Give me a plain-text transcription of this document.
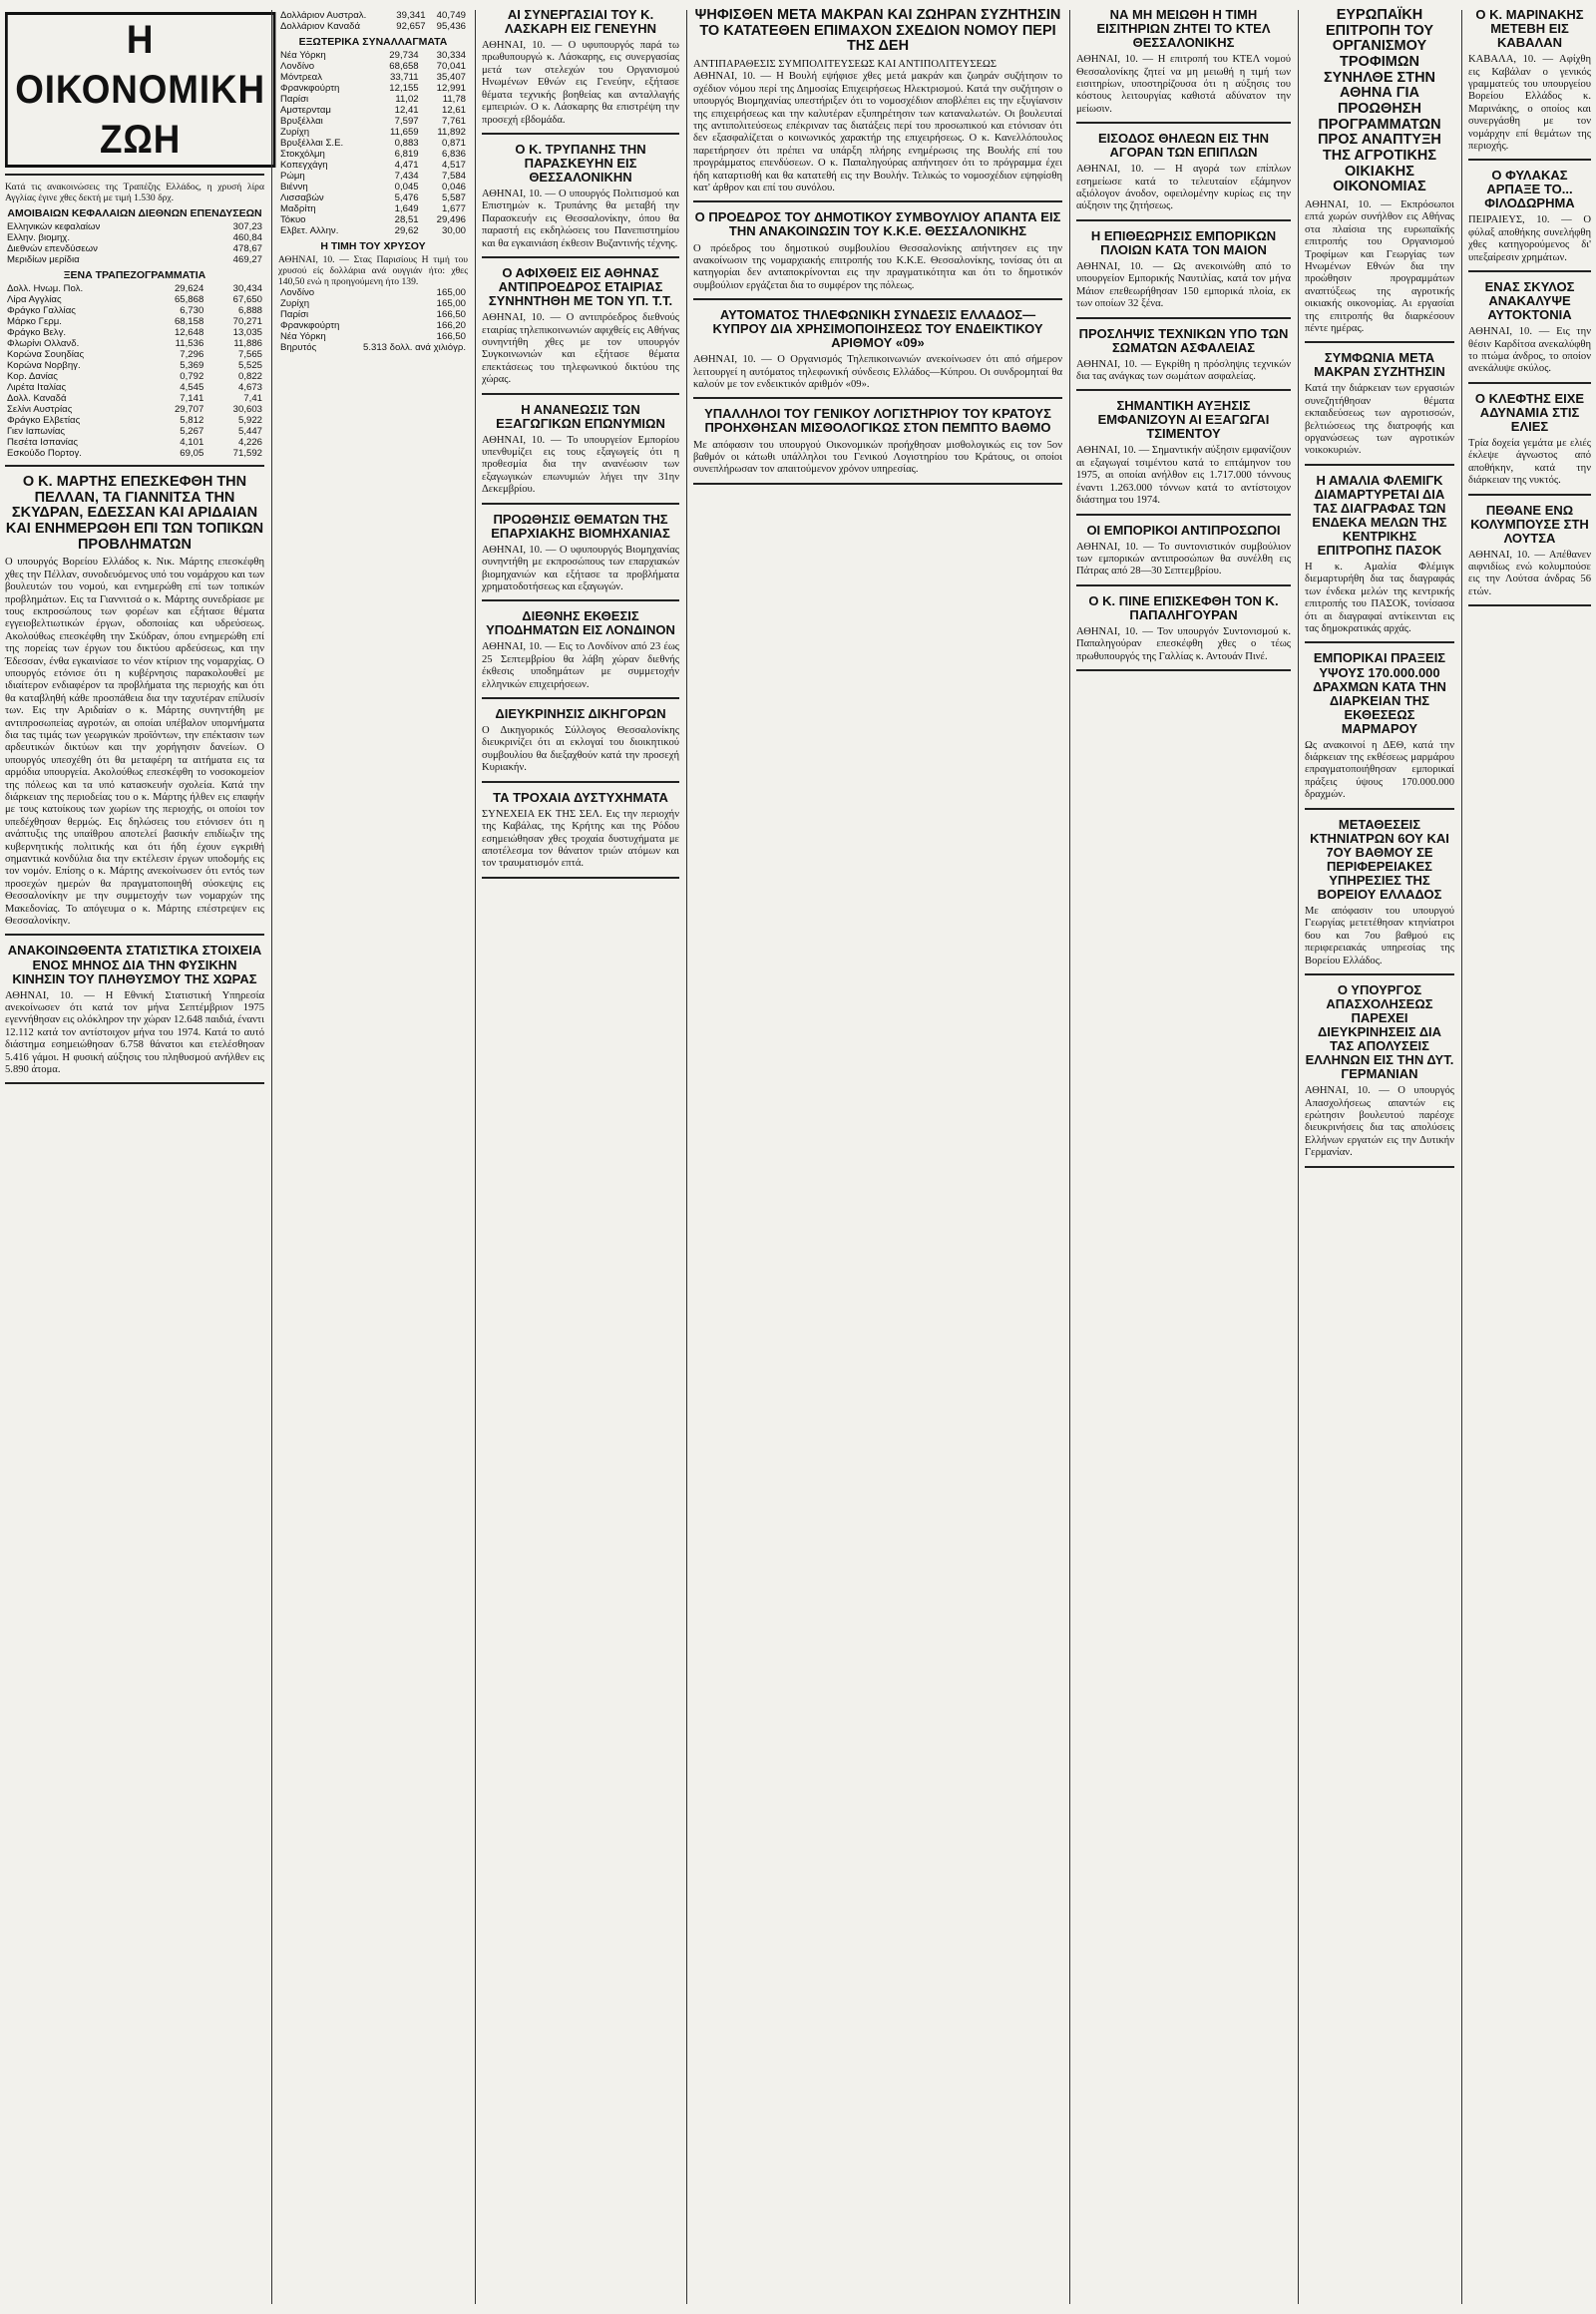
Η ΟΙΚΟΝΟΜΙΚΗ ΖΩΗ

Κατά τις ανακοινώσεις της Τραπέζης Ελλάδος, η χρυσή λίρα Αγγλίας έγινε χθες δεκτή με τιμή 1.530 δρχ.

ΑΜΟΙΒΑΙΩΝ ΚΕΦΑΛΑΙΩΝ ΔΙΕΘΝΩΝ ΕΠΕΝΔΥΣΕΩΝ
Ελληνικών κεφαλαίων	307,23
Ελλην. βιομηχ.	460,84
Διεθνών επενδύσεων	478,67
Μεριδίων μερίδια	469,27
ΞΕΝΑ ΤΡΑΠΕΖΟΓΡΑΜΜΑΤΙΑ
Δολλ. Ηνωμ. Πολ.	29,624	30,434
Λίρα Αγγλίας	65,868	67,650
Φράγκο Γαλλίας	6,730	6,888
Μάρκο Γερμ.	68,158	70,271
Φράγκο Βελγ.	12,648	13,035
Φλωρίνι Ολλανδ.	11,536	11,886
Κορώνα Σουηδίας	7,296	7,565
Κορώνα Νορβηγ.	5,369	5,525
Κορ. Δανίας	0,792	0,822
Λιρέτα Ιταλίας	4,545	4,673
Δολλ. Καναδά	7,141	7,41
Σελίνι Αυστρίας	29,707	30,603
Φράγκο Ελβετίας	5,812	5,922
Γιεν Ιαπωνίας	5,267	5,447
Πεσέτα Ισπανίας	4,101	4,226
Εσκούδο Πορτογ.	69,05	71,592
Ο Κ. ΜΑΡΤΗΣ ΕΠΕΣΚΕΦΘΗ ΤΗΝ ΠΕΛΛΑΝ, ΤΑ ΓΙΑΝΝΙΤΣΑ ΤΗΝ ΣΚΥΔΡΑΝ, ΕΔΕΣΣΑΝ ΚΑΙ ΑΡΙΔΑΙΑΝ ΚΑΙ ΕΝΗΜΕΡΩΘΗ ΕΠΙ ΤΩΝ ΤΟΠΙΚΩΝ ΠΡΟΒΛΗΜΑΤΩΝ

Ο υπουργός Βορείου Ελλάδος κ. Νικ. Μάρτης επεσκέφθη χθες την Πέλλαν, συνοδευόμενος υπό του νομάρχου και των βουλευτών του νομού, και ενημερώθη επί των τοπικών προβλημάτων. Εις τα Γιαννιτσά ο κ. Μάρτης συνεδρίασε με τους εκπροσώπους των φορέων και εξήτασε θέματα εγγειοβελτιωτικών έργων, οδοποιίας και υδρεύσεως. Ακολούθως επεσκέφθη την Σκύδραν, όπου ενημερώθη επί της πορείας των έργων του δικτύου αρδεύσεως, και την Έδεσσαν, ένθα εγκαινίασε το νέον κτίριον της νομαρχίας. Ο υπουργός ετόνισε ότι η κυβέρνησις παρακολουθεί με ιδιαίτερον ενδιαφέρον τα προβλήματα της περιοχής και ότι θα καταβληθή κάθε προσπάθεια δια την ταχυτέραν επίλυσίν των. Εις την Αριδαίαν ο κ. Μάρτης συνηντήθη με αντιπροσωπείας αγροτών, αι οποίαι υπέβαλον υπομνήματα δια τας τιμάς των γεωργικών προϊόντων, την επέκτασιν των αρδευτικών δικτύων και την χορήγησιν δανείων. Ο υπουργός υπεσχέθη ότι θα μεταφέρη τα αιτήματα εις τα αρμόδια υπουργεία. Ακολούθως επεσκέφθη το νοσοκομείον της πόλεως και τα υπό κατασκευήν σχολεία. Κατά την διάρκειαν της περιοδείας του ο κ. Μάρτης ήλθεν εις επαφήν με τους κατοίκους των χωρίων της περιοχής, οι οποίοι τον υπεδέχθησαν θερμώς. Εις δηλώσεις του ετόνισεν ότι η ανάπτυξις της υπαίθρου αποτελεί βασικήν επιδίωξιν της κυβερνητικής πολιτικής και ότι ήδη έχουν εγκριθή σημαντικά κονδύλια δια την εκτέλεσιν έργων υποδομής εις τον νομόν. Επίσης ο κ. Μάρτης ανεκοίνωσεν ότι εντός των προσεχών ημερών θα πραγματοποιηθή σύσκεψις εις Θεσσαλονίκην με την συμμετοχήν των νομαρχών της Μακεδονίας. Το απόγευμα ο κ. Μάρτης επέστρεψεν εις Θεσσαλονίκην.

ΑΝΑΚΟΙΝΩΘΕΝΤΑ ΣΤΑΤΙΣΤΙΚΑ ΣΤΟΙΧΕΙΑ ΕΝΟΣ ΜΗΝΟΣ ΔΙΑ ΤΗΝ ΦΥΣΙΚΗΝ ΚΙΝΗΣΙΝ ΤΟΥ ΠΛΗΘΥΣΜΟΥ ΤΗΣ ΧΩΡΑΣ

ΑΘΗΝΑΙ, 10. — Η Εθνική Στατιστική Υπηρεσία ανεκοίνωσεν ότι κατά τον μήνα Σεπτέμβριον 1975 εγεννήθησαν εις ολόκληρον την χώραν 12.648 παιδιά, έναντι 12.112 κατά τον αντίστοιχον μήνα του 1974. Κατά το αυτό διάστημα εσημειώθησαν 6.758 θάνατοι και ετελέσθησαν 5.416 γάμοι. Η φυσική αύξησις του πληθυσμού ανήλθεν εις 5.890 άτομα.

Δολλάριον Αυστραλ.	39,341	40,749
Δολλάριον Καναδά	92,657	95,436
ΕΞΩΤΕΡΙΚΑ ΣΥΝΑΛΛΑΓΜΑΤΑ
Νέα Υόρκη	29,734	30,334
Λονδίνο	68,658	70,041
Μόντρεαλ	33,711	35,407
Φρανκφούρτη	12,155	12,991
Παρίσι	11,02	11,78
Αμστερνταμ	12,41	12,61
Βρυξέλλαι	7,597	7,761
Ζυρίχη	11,659	11,892
Βρυξέλλαι Σ.Ε.	0,883	0,871
Στοκχόλμη	6,819	6,836
Κοπεγχάγη	4,471	4,517
Ρώμη	7,434	7,584
Βιέννη	0,045	0,046
Λισσαβών	5,476	5,587
Μαδρίτη	1,649	1,677
Τόκυο	28,51	29,496
Ελβετ. Αλλην.	29,62	30,00
Η ΤΙΜΗ ΤΟΥ ΧΡΥΣΟΥ

ΑΘΗΝΑΙ, 10. — Στας Παρισίους Η τιμή του χρυσού είς δολλάρια ανά ουγγιάν ήτο: χθες 140,50 ενώ η προηγούμενη ήτο 139.

Λονδίνο	165,00
Ζυρίχη	165,00
Παρίσι	166,50
Φρανκφούρτη	166,20
Νέα Υόρκη	166,50
Βηρυτός	5.313 δολλ. ανά χιλιόγρ.
ΑΙ ΣΥΝΕΡΓΑΣΙΑΙ ΤΟΥ Κ. ΛΑΣΚΑΡΗ ΕΙΣ ΓΕΝΕΥΗΝ

ΑΘΗΝΑΙ, 10. — Ο υφυπουργός παρά τω πρωθυπουργώ κ. Λάσκαρης, εις συνεργασίας μετά των στελεχών του Οργανισμού Ηνωμένων Εθνών εις Γενεύην, εξήτασε θέματα τεχνικής βοηθείας και ανταλλαγής εμπειριών. Ο κ. Λάσκαρης θα επιστρέψη την προσεχή εβδομάδα.

Ο Κ. ΤΡΥΠΑΝΗΣ ΤΗΝ ΠΑΡΑΣΚΕΥΗΝ ΕΙΣ ΘΕΣΣΑΛΟΝΙΚΗΝ

ΑΘΗΝΑΙ, 10. — Ο υπουργός Πολιτισμού και Επιστημών κ. Τρυπάνης θα μεταβή την Παρασκευήν εις Θεσσαλονίκην, όπου θα παραστή εις εκδηλώσεις του Πανεπιστημίου και θα εγκαινιάση έκθεσιν Βυζαντινής τέχνης.

Ο ΑΦΙΧΘΕΙΣ ΕΙΣ ΑΘΗΝΑΣ ΑΝΤΙΠΡΟΕΔΡΟΣ ΕΤΑΙΡΙΑΣ ΣΥΝΗΝΤΗΘΗ ΜΕ ΤΟΝ ΥΠ. Τ.Τ.

ΑΘΗΝΑΙ, 10. — Ο αντιπρόεδρος διεθνούς εταιρίας τηλεπικοινωνιών αφιχθείς εις Αθήνας συνηντήθη χθες με τον υπουργόν Συγκοινωνιών και εξήτασε θέματα επεκτάσεως του τηλεφωνικού δικτύου της χώρας.

Η ΑΝΑΝΕΩΣΙΣ ΤΩΝ ΕΞΑΓΩΓΙΚΩΝ ΕΠΩΝΥΜΙΩΝ

ΑΘΗΝΑΙ, 10. — Το υπουργείον Εμπορίου υπενθυμίζει εις τους εξαγωγείς ότι η προθεσμία δια την ανανέωσιν των εξαγωγικών επωνυμιών λήγει την 31ην Δεκεμβρίου.

ΠΡΟΩΘΗΣΙΣ ΘΕΜΑΤΩΝ ΤΗΣ ΕΠΑΡΧΙΑΚΗΣ ΒΙΟΜΗΧΑΝΙΑΣ

ΑΘΗΝΑΙ, 10. — Ο υφυπουργός Βιομηχανίας συνηντήθη με εκπροσώπους των επαρχιακών βιομηχανιών και εξήτασε τα προβλήματα χρηματοδοτήσεως και εξαγωγών.

ΔΙΕΘΝΗΣ ΕΚΘΕΣΙΣ ΥΠΟΔΗΜΑΤΩΝ ΕΙΣ ΛΟΝΔΙΝΟΝ

ΑΘΗΝΑΙ, 10. — Εις το Λονδίνον από 23 έως 25 Σεπτεμβρίου θα λάβη χώραν διεθνής έκθεσις υποδημάτων με συμμετοχήν ελληνικών επιχειρήσεων.

ΔΙΕΥΚΡΙΝΗΣΙΣ ΔΙΚΗΓΟΡΩΝ

Ο Δικηγορικός Σύλλογος Θεσσαλονίκης διευκρινίζει ότι αι εκλογαί του διοικητικού συμβουλίου θα διεξαχθούν κατά την προσεχή Κυριακήν.

ΤΑ ΤΡΟΧΑΙΑ ΔΥΣΤΥΧΗΜΑΤΑ

ΣΥΝΕΧΕΙΑ ΕΚ ΤΗΣ ΣΕΛ. Εις την περιοχήν της Καβάλας, της Κρήτης και της Ρόδου εσημειώθησαν χθες τροχαία δυστυχήματα με αποτέλεσμα τον θάνατον τριών ατόμων και τον τραυματισμόν επτά.

ΨΗΦΙΣΘΕΝ ΜΕΤΑ ΜΑΚΡΑΝ ΚΑΙ ΖΩΗΡΑΝ ΣΥΖΗΤΗΣΙΝ ΤΟ ΚΑΤΑΤΕΘΕΝ ΕΠΙΜΑΧΟΝ ΣΧΕΔΙΟΝ ΝΟΜΟΥ ΠΕΡΙ ΤΗΣ ΔΕΗ

ΑΝΤΙΠΑΡΑΘΕΣΙΣ ΣΥΜΠΟΛΙΤΕΥΣΕΩΣ ΚΑΙ ΑΝΤΙΠΟΛΙΤΕΥΣΕΩΣ
ΑΘΗΝΑΙ, 10. — Η Βουλή εψήφισε χθες μετά μακράν και ζωηράν συζήτησιν το σχέδιον νόμου περί της Δημοσίας Επιχειρήσεως Ηλεκτρισμού. Κατά την συζήτησιν ο υπουργός Βιομηχανίας υπεστήριξεν ότι το νομοσχέδιον αποβλέπει εις την εξυγίανσιν της επιχειρήσεως και την καλυτέραν εξυπηρέτησιν των καταναλωτών. Οι βουλευταί της αντιπολιτεύσεως επέκριναν τας διατάξεις περί του προσωπικού και ετόνισαν ότι δεν εξασφαλίζεται ο κοινωνικός χαρακτήρ της επιχειρήσεως. Ο κ. Κανελλόπουλος παρετήρησεν ότι πρέπει να υπάρξη πλήρης ενημέρωσις της Βουλής επί του προγράμματος επενδύσεων. Ο κ. Παπαληγούρας απήντησεν ότι το πρόγραμμα έχει ήδη καταρτισθή και θα κατατεθή εις την Βουλήν. Τελικώς το νομοσχέδιον εψηφίσθη κατ' άρθρον και επί του συνόλου.

Ο ΠΡΟΕΔΡΟΣ ΤΟΥ ΔΗΜΟΤΙΚΟΥ ΣΥΜΒΟΥΛΙΟΥ ΑΠΑΝΤΑ ΕΙΣ ΤΗΝ ΑΝΑΚΟΙΝΩΣΙΝ ΤΟΥ Κ.Κ.Ε. ΘΕΣΣΑΛΟΝΙΚΗΣ

Ο πρόεδρος του δημοτικού συμβουλίου Θεσσαλονίκης απήντησεν εις την ανακοίνωσιν της νομαρχιακής επιτροπής του Κ.Κ.Ε. Θεσσαλονίκης, τονίσας ότι αι κατηγορίαι δεν ανταποκρίνονται εις την πραγματικότητα και ότι το δημοτικόν συμβούλιον εργάζεται δια το συμφέρον της πόλεως.

ΑΥΤΟΜΑΤΟΣ ΤΗΛΕΦΩΝΙΚΗ ΣΥΝΔΕΣΙΣ ΕΛΛΑΔΟΣ—ΚΥΠΡΟΥ ΔΙΑ ΧΡΗΣΙΜΟΠΟΙΗΣΕΩΣ ΤΟΥ ΕΝΔΕΙΚΤΙΚΟΥ ΑΡΙΘΜΟΥ «09»

ΑΘΗΝΑΙ, 10. — Ο Οργανισμός Τηλεπικοινωνιών ανεκοίνωσεν ότι από σήμερον λειτουργεί η αυτόματος τηλεφωνική σύνδεσις Ελλάδος—Κύπρου. Οι συνδρομηταί θα καλούν με τον ενδεικτικόν αριθμόν «09».

ΥΠΑΛΛΗΛΟΙ ΤΟΥ ΓΕΝΙΚΟΥ ΛΟΓΙΣΤΗΡΙΟΥ ΤΟΥ ΚΡΑΤΟΥΣ ΠΡΟΗΧΘΗΣΑΝ ΜΙΣΘΟΛΟΓΙΚΩΣ ΣΤΟΝ ΠΕΜΠΤΟ ΒΑΘΜΟ

Με απόφασιν του υπουργού Οικονομικών προήχθησαν μισθολογικώς εις τον 5ον βαθμόν οι κάτωθι υπάλληλοι του Γενικού Λογιστηρίου του Κράτους, οι οποίοι συνεπλήρωσαν τον απαιτούμενον χρόνον υπηρεσίας.

ΝΑ ΜΗ ΜΕΙΩΘΗ Η ΤΙΜΗ ΕΙΣΙΤΗΡΙΩΝ ΖΗΤΕΙ ΤΟ ΚΤΕΛ ΘΕΣΣΑΛΟΝΙΚΗΣ

ΑΘΗΝΑΙ, 10. — Η επιτροπή του ΚΤΕΛ νομού Θεσσαλονίκης ζητεί να μη μειωθή η τιμή των εισιτηρίων, υποστηρίζουσα ότι η αύξησις του κόστους λειτουργίας καθιστά αδύνατον την μείωσιν.

ΕΙΣΟΔΟΣ ΘΗΛΕΩΝ ΕΙΣ ΤΗΝ ΑΓΟΡΑΝ ΤΩΝ ΕΠΙΠΛΩΝ

ΑΘΗΝΑΙ, 10. — Η αγορά των επίπλων εσημείωσε κατά το τελευταίον εξάμηνον αξιόλογον άνοδον, οφειλομένην κυρίως εις την αύξησιν της ζητήσεως.

Η ΕΠΙΘΕΩΡΗΣΙΣ ΕΜΠΟΡΙΚΩΝ ΠΛΟΙΩΝ ΚΑΤΑ ΤΟΝ ΜΑΙΟΝ

ΑΘΗΝΑΙ, 10. — Ως ανεκοινώθη από το υπουργείον Εμπορικής Ναυτιλίας, κατά τον μήνα Μάιον επεθεωρήθησαν 150 εμπορικά πλοία, εκ των οποίων 32 ξένα.

ΠΡΟΣΛΗΨΙΣ ΤΕΧΝΙΚΩΝ ΥΠΟ ΤΩΝ ΣΩΜΑΤΩΝ ΑΣΦΑΛΕΙΑΣ

ΑΘΗΝΑΙ, 10. — Εγκρίθη η πρόσληψις τεχνικών δια τας ανάγκας των σωμάτων ασφαλείας.

ΣΗΜΑΝΤΙΚΗ ΑΥΞΗΣΙΣ ΕΜΦΑΝΙΖΟΥΝ ΑΙ ΕΞΑΓΩΓΑΙ ΤΣΙΜΕΝΤΟΥ

ΑΘΗΝΑΙ, 10. — Σημαντικήν αύξησιν εμφανίζουν αι εξαγωγαί τσιμέντου κατά το επτάμηνον του 1975, αι οποίαι ανήλθον εις 1.717.000 τόννους έναντι 1.263.000 τόννων κατά το αντίστοιχον διάστημα του 1974.

ΟΙ ΕΜΠΟΡΙΚΟΙ ΑΝΤΙΠΡΟΣΩΠΟΙ

ΑΘΗΝΑΙ, 10. — Το συντονιστικόν συμβούλιον των εμπορικών αντιπροσώπων θα συνέλθη εις Πάτρας από 28—30 Σεπτεμβρίου.

Ο Κ. ΠΙΝΕ ΕΠΙΣΚΕΦΘΗ ΤΟΝ Κ. ΠΑΠΑΛΗΓΟΥΡΑΝ

ΑΘΗΝΑΙ, 10. — Τον υπουργόν Συντονισμού κ. Παπαληγούραν επεσκέφθη χθες ο τέως πρωθυπουργός της Γαλλίας κ. Αντουάν Πινέ.

ΕΥΡΩΠΑΪΚΗ ΕΠΙΤΡΟΠΗ ΤΟΥ ΟΡΓΑΝΙΣΜΟΥ ΤΡΟΦΙΜΩΝ ΣΥΝΗΛΘΕ ΣΤΗΝ ΑΘΗΝΑ ΓΙΑ ΠΡΟΩΘΗΣΗ ΠΡΟΓΡΑΜΜΑΤΩΝ ΠΡΟΣ ΑΝΑΠΤΥΞΗ ΤΗΣ ΑΓΡΟΤΙΚΗΣ ΟΙΚΙΑΚΗΣ ΟΙΚΟΝΟΜΙΑΣ

ΑΘΗΝΑΙ, 10. — Εκπρόσωποι επτά χωρών συνήλθον εις Αθήνας στα πλαίσια της ευρωπαϊκής επιτροπής του Οργανισμού Τροφίμων και Γεωργίας των Ηνωμένων Εθνών δια την προώθησιν προγραμμάτων αναπτύξεως της αγροτικής οικιακής οικονομίας. Αι εργασίαι της επιτροπής θα διαρκέσουν πέντε ημέρας.

ΣΥΜΦΩΝΙΑ ΜΕΤΑ ΜΑΚΡΑΝ ΣΥΖΗΤΗΣΙΝ

Κατά την διάρκειαν των εργασιών συνεζητήθησαν θέματα εκπαιδεύσεως των αγροτισσών, βελτιώσεως της διατροφής και οργανώσεως των αγροτικών νοικοκυριών.

Η ΑΜΑΛΙΑ ΦΛΕΜΙΓΚ ΔΙΑΜΑΡΤΥΡΕΤΑΙ ΔΙΑ ΤΑΣ ΔΙΑΓΡΑΦΑΣ ΤΩΝ ΕΝΔΕΚΑ ΜΕΛΩΝ ΤΗΣ ΚΕΝΤΡΙΚΗΣ ΕΠΙΤΡΟΠΗΣ ΠΑΣΟΚ

Η κ. Αμαλία Φλέμιγκ διεμαρτυρήθη δια τας διαγραφάς των ένδεκα μελών της κεντρικής επιτροπής του ΠΑΣΟΚ, τονίσασα ότι αι διαγραφαί αντίκεινται εις τας δημοκρατικάς αρχάς.

ΕΜΠΟΡΙΚΑΙ ΠΡΑΞΕΙΣ ΥΨΟΥΣ 170.000.000 ΔΡΑΧΜΩΝ ΚΑΤΑ ΤΗΝ ΔΙΑΡΚΕΙΑΝ ΤΗΣ ΕΚΘΕΣΕΩΣ ΜΑΡΜΑΡΟΥ

Ως ανακοινοί η ΔΕΘ, κατά την διάρκειαν της εκθέσεως μαρμάρου επραγματοποιήθησαν εμπορικαί πράξεις ύψους 170.000.000 δραχμών.

ΜΕΤΑΘΕΣΕΙΣ ΚΤΗΝΙΑΤΡΩΝ 6ΟΥ ΚΑΙ 7ΟΥ ΒΑΘΜΟΥ ΣΕ ΠΕΡΙΦΕΡΕΙΑΚΕΣ ΥΠΗΡΕΣΙΕΣ ΤΗΣ ΒΟΡΕΙΟΥ ΕΛΛΑΔΟΣ

Με απόφασιν του υπουργού Γεωργίας μετετέθησαν κτηνίατροι 6ου και 7ου βαθμού εις περιφερειακάς υπηρεσίας της Βορείου Ελλάδος.

Ο ΥΠΟΥΡΓΟΣ ΑΠΑΣΧΟΛΗΣΕΩΣ ΠΑΡΕΧΕΙ ΔΙΕΥΚΡΙΝΗΣΕΙΣ ΔΙΑ ΤΑΣ ΑΠΟΛΥΣΕΙΣ ΕΛΛΗΝΩΝ ΕΙΣ ΤΗΝ ΔΥΤ. ΓΕΡΜΑΝΙΑΝ

ΑΘΗΝΑΙ, 10. — Ο υπουργός Απασχολήσεως απαντών εις ερώτησιν βουλευτού παρέσχε διευκρινήσεις δια τας απολύσεις Ελλήνων εργατών εις την Δυτικήν Γερμανίαν.

Ο Κ. ΜΑΡΙΝΑΚΗΣ ΜΕΤΕΒΗ ΕΙΣ ΚΑΒΑΛΑΝ

ΚΑΒΑΛΑ, 10. — Αφίχθη εις Καβάλαν ο γενικός γραμματεύς του υπουργείου Βορείου Ελλάδος κ. Μαρινάκης, ο οποίος και συνεργάσθη με τον νομάρχην επί θεμάτων της περιοχής.

Ο ΦΥΛΑΚΑΣ ΑΡΠΑΞΕ ΤΟ... ΦΙΛΟΔΩΡΗΜΑ

ΠΕΙΡΑΙΕΥΣ, 10. — Ο φύλαξ αποθήκης συνελήφθη χθες κατηγορούμενος δι' υπεξαίρεσιν χρημάτων.

ΕΝΑΣ ΣΚΥΛΟΣ ΑΝΑΚΑΛΥΨΕ ΑΥΤΟΚΤΟΝΙΑ

ΑΘΗΝΑΙ, 10. — Εις την θέσιν Καρδίτσα ανεκαλύφθη το πτώμα άνδρος, το οποίον ανεκάλυψε σκύλος.

Ο ΚΛΕΦΤΗΣ ΕΙΧΕ ΑΔΥΝΑΜΙΑ ΣΤΙΣ ΕΛΙΕΣ

Τρία δοχεία γεμάτα με ελιές έκλεψε άγνωστος από αποθήκην, κατά την διάρκειαν της νυκτός.

ΠΕΘΑΝΕ ΕΝΩ ΚΟΛΥΜΠΟΥΣΕ ΣΤΗ ΛΟΥΤΣΑ

ΑΘΗΝΑΙ, 10. — Απέθανεν αιφνιδίως ενώ κολυμπούσε εις την Λούτσα άνδρας 56 ετών.
